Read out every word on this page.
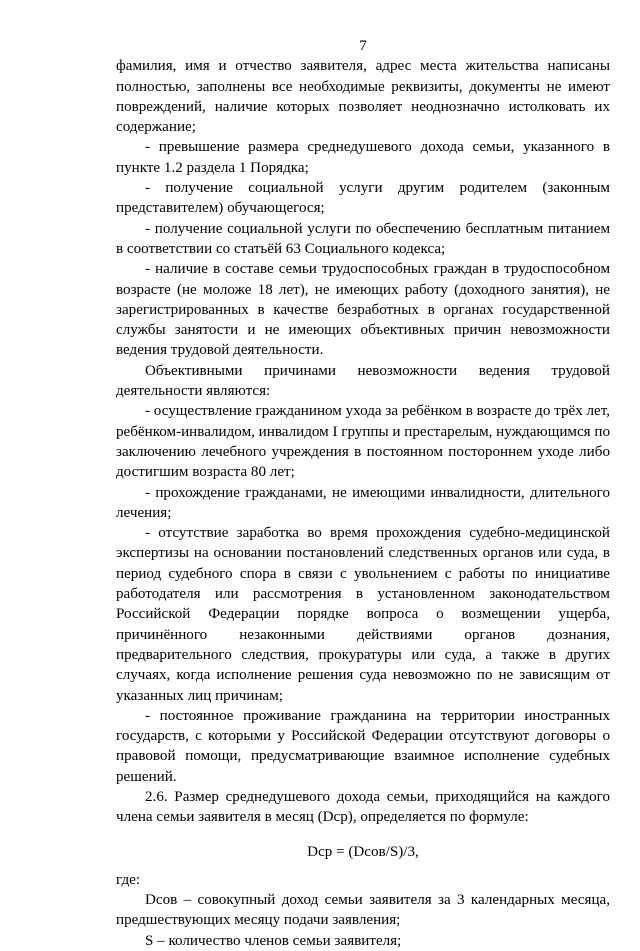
7

фамилия, имя и отчество заявителя, адрес места жительства написаны полностью, заполнены все необходимые реквизиты, документы не имеют повреждений, наличие которых позволяет неоднозначно истолковать их содержание;

- превышение размера среднедушевого дохода семьи, указанного в пункте 1.2 раздела 1 Порядка;

- получение социальной услуги другим родителем (законным представителем) обучающегося;

- получение социальной услуги по обеспечению бесплатным питанием в соответствии со статьёй 63 Социального кодекса;

- наличие в составе семьи трудоспособных граждан в трудоспособном возрасте (не моложе 18 лет), не имеющих работу (доходного занятия), не зарегистрированных в качестве безработных в органах государственной службы занятости и не имеющих объективных причин невозможности ведения трудовой деятельности.

Объективными причинами невозможности ведения трудовой деятельности являются:

- осуществление гражданином ухода за ребёнком в возрасте до трёх лет, ребёнком-инвалидом, инвалидом I группы и престарелым, нуждающимся по заключению лечебного учреждения в постоянном постороннем уходе либо достигшим возраста 80 лет;

- прохождение гражданами, не имеющими инвалидности, длительного лечения;

- отсутствие заработка во время прохождения судебно-медицинской экспертизы на основании постановлений следственных органов или суда, в период судебного спора в связи с увольнением с работы по инициативе работодателя или рассмотрения в установленном законодательством Российской Федерации порядке вопроса о возмещении ущерба, причинённого незаконными действиями органов дознания, предварительного следствия, прокуратуры или суда, а также в других случаях, когда исполнение решения суда невозможно по не зависящим от указанных лиц причинам;

- постоянное проживание гражданина на территории иностранных государств, с которыми у Российской Федерации отсутствуют договоры о правовой помощи, предусматривающие взаимное исполнение судебных решений.

2.6. Размер среднедушевого дохода семьи, приходящийся на каждого члена семьи заявителя в месяц (Dср), определяется по формуле:

Dср = (Dсов/S)/3,

где:

Dсов – совокупный доход семьи заявителя за 3 календарных месяца, предшествующих месяцу подачи заявления;

S – количество членов семьи заявителя;
